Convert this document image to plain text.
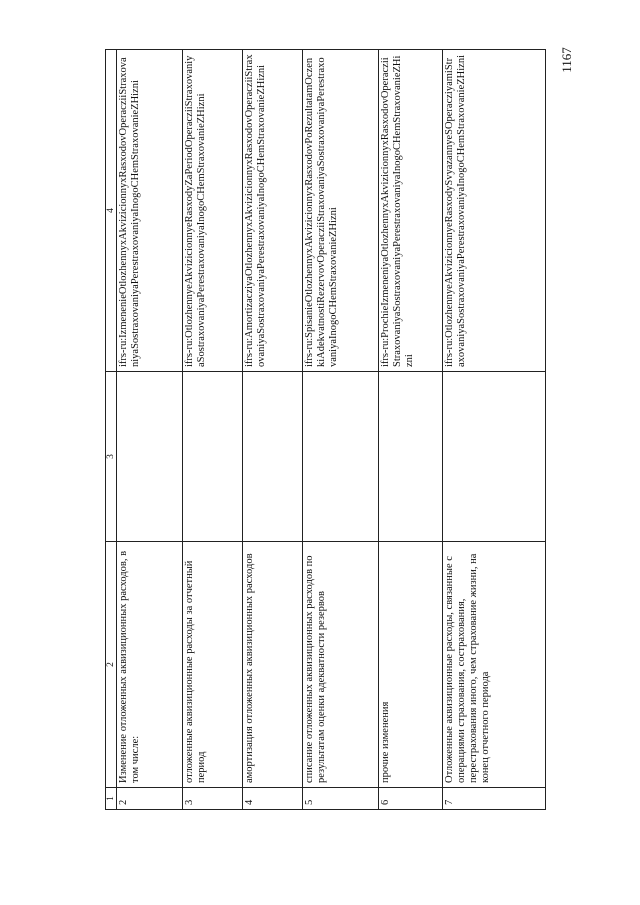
1167
1	2	3	4
2	Изменение отложенных аквизиционных расходов, в том числе:		ifrs-ru:IzmenenieOtlozhennyxAkvizicionnyxRasxodovOperacziiStraxovaniyaSostraxovaniyaPerestraxovaniyaInogoCHemStraxovanieZHizni
3	отложенные аквизиционные расходы за отчетный период		ifrs-ru:OtlozhennyeAkvizicionnyeRasxodyZaPeriodOperacziiStraxovaniyaSostraxovaniyaPerestraxovaniyaInogoCHemStraxovanieZHizni
4	амортизация отложенных аквизиционных расходов		ifrs-ru:AmortizacziyaOtlozhennyxAkvizicionnyxRasxodovOperacziiStraxovaniyaSostraxovaniyaPerestraxovaniyaInogoCHemStraxovanieZHizni
5	списание отложенных аквизиционных расходов по результатам оценки адекватности резервов		ifrs-ru:SpisanieOtlozhennyxAkvizicionnyxRasxodovPoRezultatamOczenkiAdekvatnostiRezervovOperacziiStraxovaniyaSostraxovaniyaPerestraxovaniyaInogoCHemStraxovanieZHizni
6	прочие изменения		ifrs-ru:ProchieIzmeneniyaOtlozhennyxAkvizicionnyxRasxodovOperacziiStraxovaniyaSostraxovaniyaPerestraxovaniyaInogoCHemStraxovanieZHizni
7	Отложенные аквизиционные расходы, связанные с операциями страхования, сострахования, перестрахования иного, чем страхование жизни, на конец отчетного периода		ifrs-ru:OtlozhennyeAkvizicionnyeRasxodySvyazannyeSOperacziyamiStraxovaniyaSostraxovaniyaPerestraxovaniyaInogoCHemStraxovanieZHizni
